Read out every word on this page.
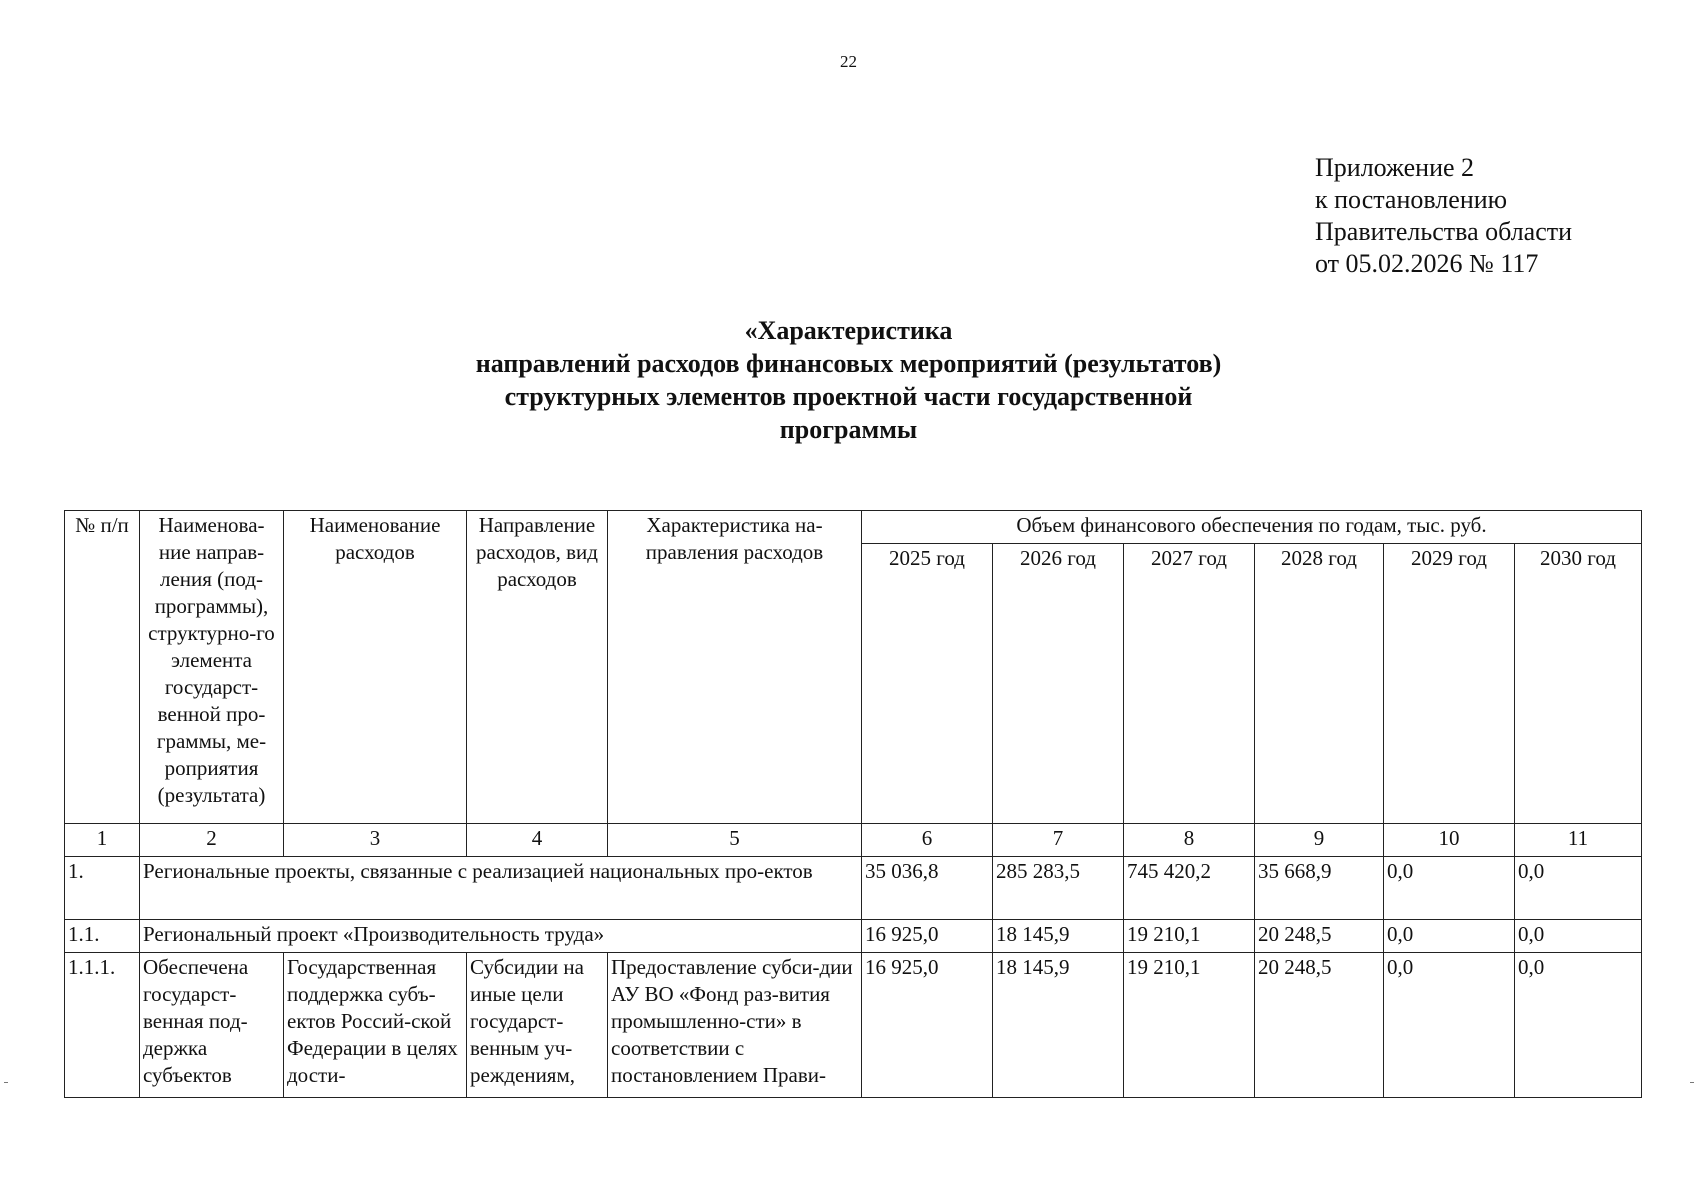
22
Приложение 2
к постановлению
Правительства области
от 05.02.2026 № 117
«Характеристика
направлений расходов финансовых мероприятий (результатов)
структурных элементов проектной части государственной
программы
№ п/п	Наименова-ние направ-ления (под-программы), структурно-го элемента государст-венной про-граммы, ме-роприятия (результата)	Наименование расходов	Направление расходов, вид расходов	Характеристика на-правления расходов	Объем финансового обеспечения по годам, тыс. руб.					
					2025 год	2026 год	2027 год	2028 год	2029 год	2030 год
1	2	3	4	5	6	7	8	9	10	11
1.	Региональные проекты, связанные с реализацией национальных про-ектов				35 036,8	285 283,5	745 420,2	35 668,9	0,0	0,0
1.1.	Региональный проект «Производительность труда»				16 925,0	18 145,9	19 210,1	20 248,5	0,0	0,0
1.1.1.	Обеспечена государст-венная под-держка субъектов	Государственная поддержка субъ-ектов Россий-ской Федерации в целях дости-	Субсидии на иные цели государст-венным уч-реждениям,	Предоставление субси-дии АУ ВО «Фонд раз-вития промышленно-сти» в соответствии с постановлением Прави-	16 925,0	18 145,9	19 210,1	20 248,5	0,0	0,0
